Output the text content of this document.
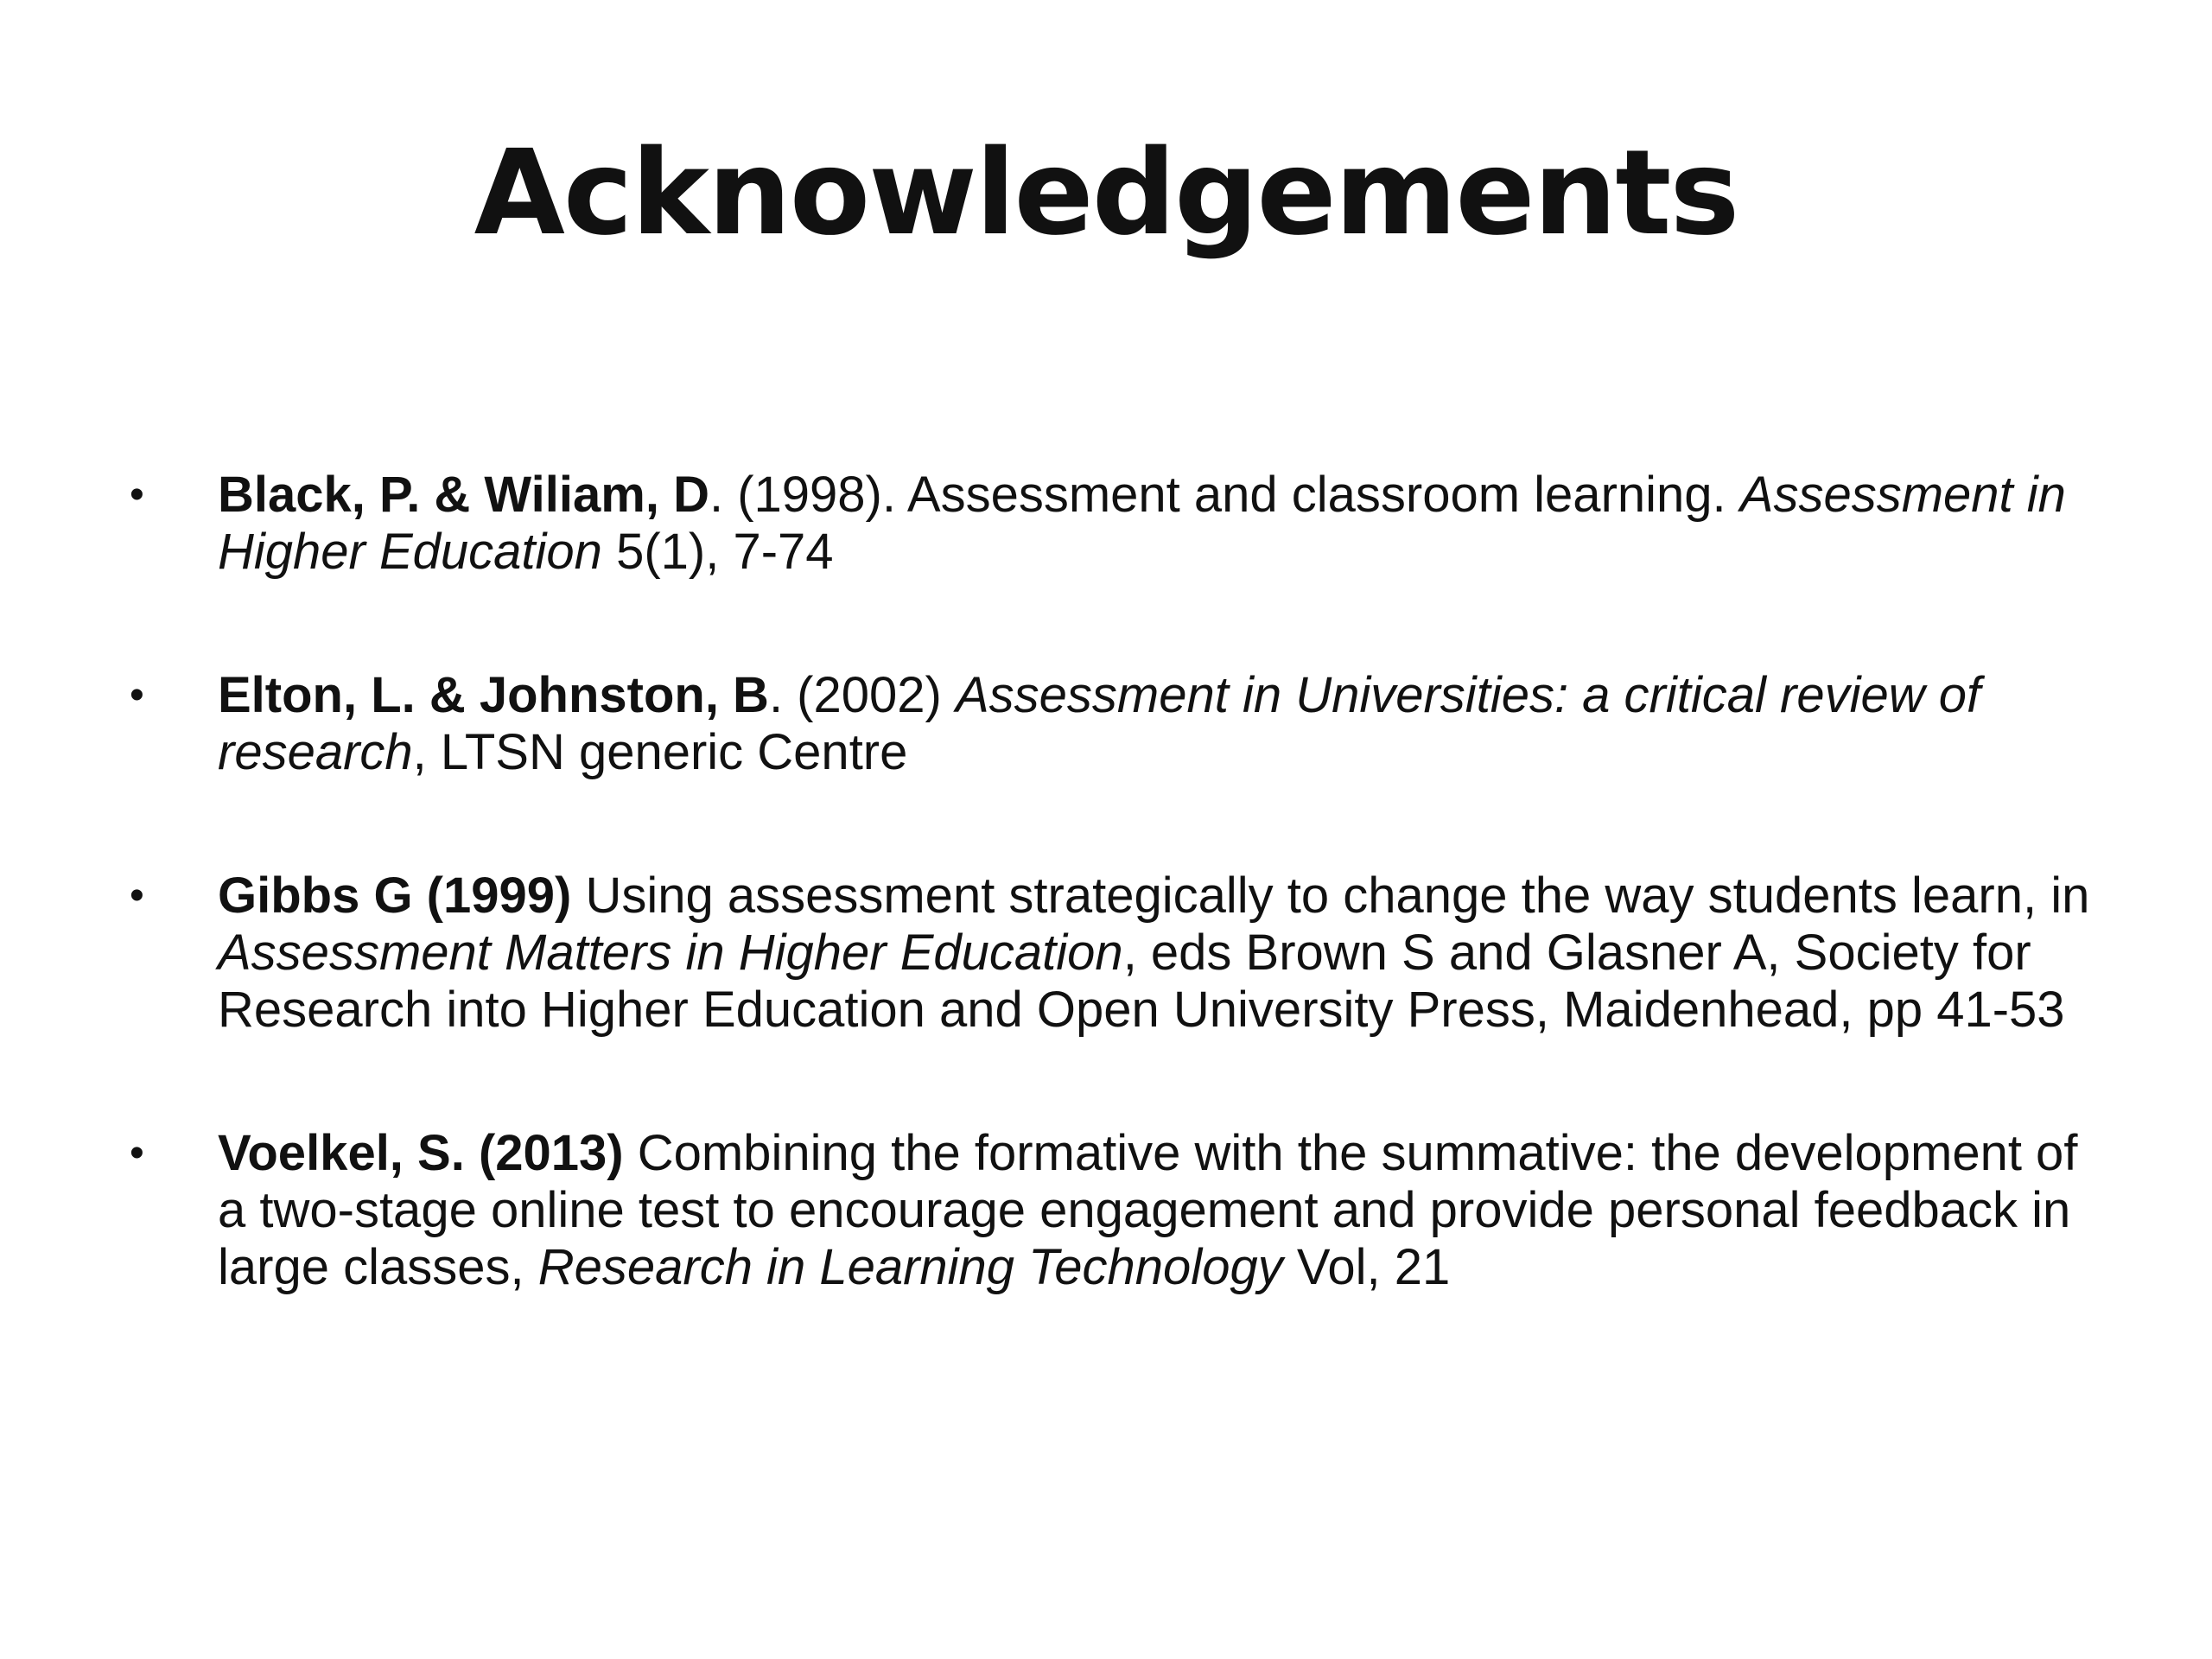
Acknowledgements
•	Black, P. & Wiliam, D. (1998). Assessment and classroom learning. Assessment in Higher Education 5(1), 7-74
•	Elton, L. & Johnston, B. (2002) Assessment in Universities: a critical review of research, LTSN generic Centre
•	Gibbs G (1999) Using assessment strategically to change the way students learn, in Assessment Matters in Higher Education, eds Brown S and Glasner A, Society for Research into Higher Education and Open University Press, Maidenhead, pp 41-53
•	Voelkel, S. (2013) Combining the formative with the summative: the development of a two-stage online test to encourage engagement and provide personal feedback in large classes, Research in Learning Technology Vol, 21
